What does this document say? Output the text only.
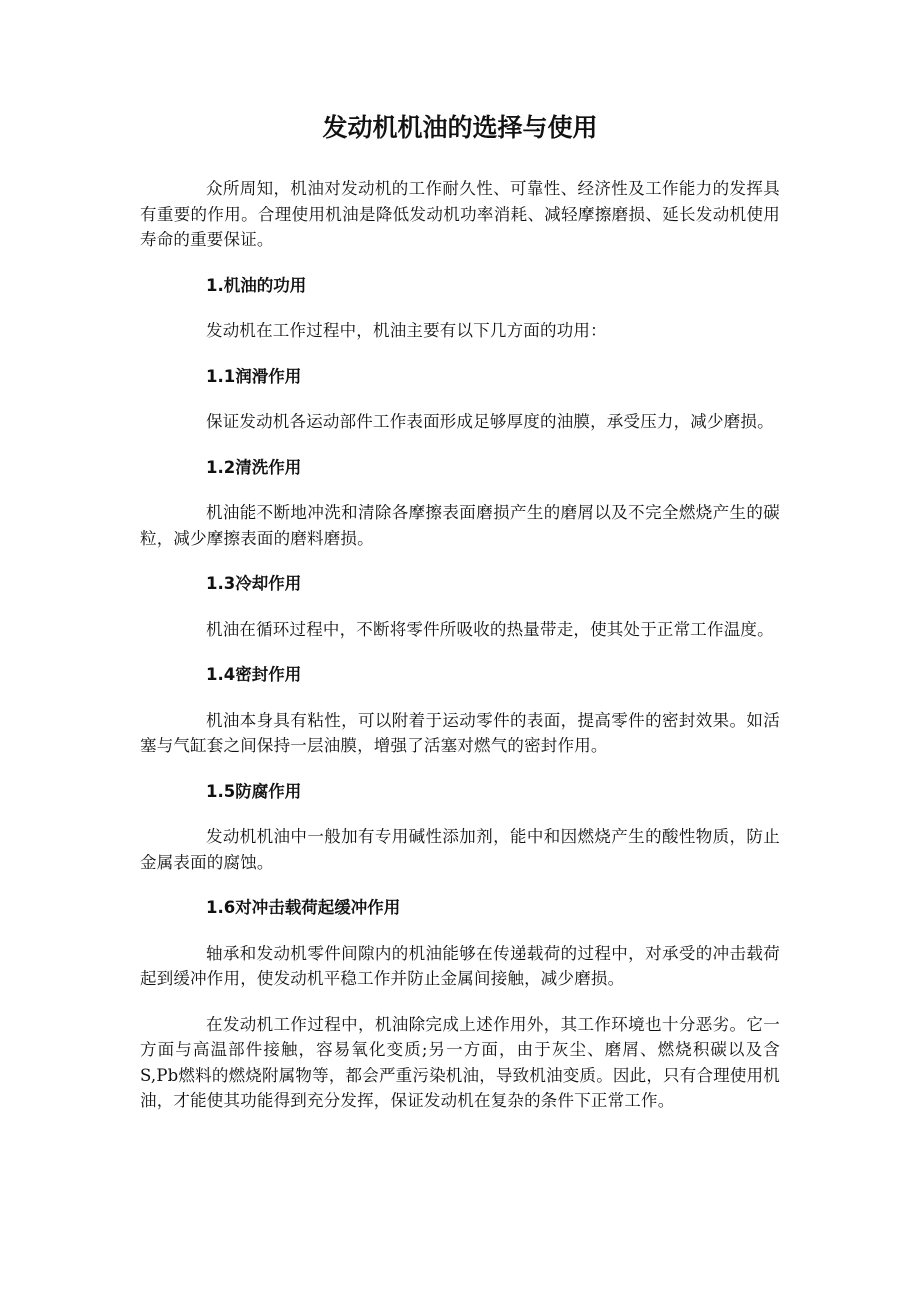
发动机机油的选择与使用

众所周知，机油对发动机的工作耐久性、可靠性、经济性及工作能力的发挥具有重要的作用。合理使用机油是降低发动机功率消耗、减轻摩擦磨损、延长发动机使用寿命的重要保证。

1.机油的功用

发动机在工作过程中，机油主要有以下几方面的功用：

1.1润滑作用

保证发动机各运动部件工作表面形成足够厚度的油膜，承受压力，减少磨损。

1.2清洗作用

机油能不断地冲洗和清除各摩擦表面磨损产生的磨屑以及不完全燃烧产生的碳粒，减少摩擦表面的磨料磨损。

1.3冷却作用

机油在循环过程中，不断将零件所吸收的热量带走，使其处于正常工作温度。

1.4密封作用

机油本身具有粘性，可以附着于运动零件的表面，提高零件的密封效果。如活塞与气缸套之间保持一层油膜，增强了活塞对燃气的密封作用。

1.5防腐作用

发动机机油中一般加有专用碱性添加剂，能中和因燃烧产生的酸性物质，防止金属表面的腐蚀。

1.6对冲击载荷起缓冲作用

轴承和发动机零件间隙内的机油能够在传递载荷的过程中，对承受的冲击载荷起到缓冲作用，使发动机平稳工作并防止金属间接触，减少磨损。

在发动机工作过程中，机油除完成上述作用外，其工作环境也十分恶劣。它一方面与高温部件接触，容易氧化变质;另一方面，由于灰尘、磨屑、燃烧积碳以及含S,Pb燃料的燃烧附属物等，都会严重污染机油，导致机油变质。因此，只有合理使用机油，才能使其功能得到充分发挥，保证发动机在复杂的条件下正常工作。
